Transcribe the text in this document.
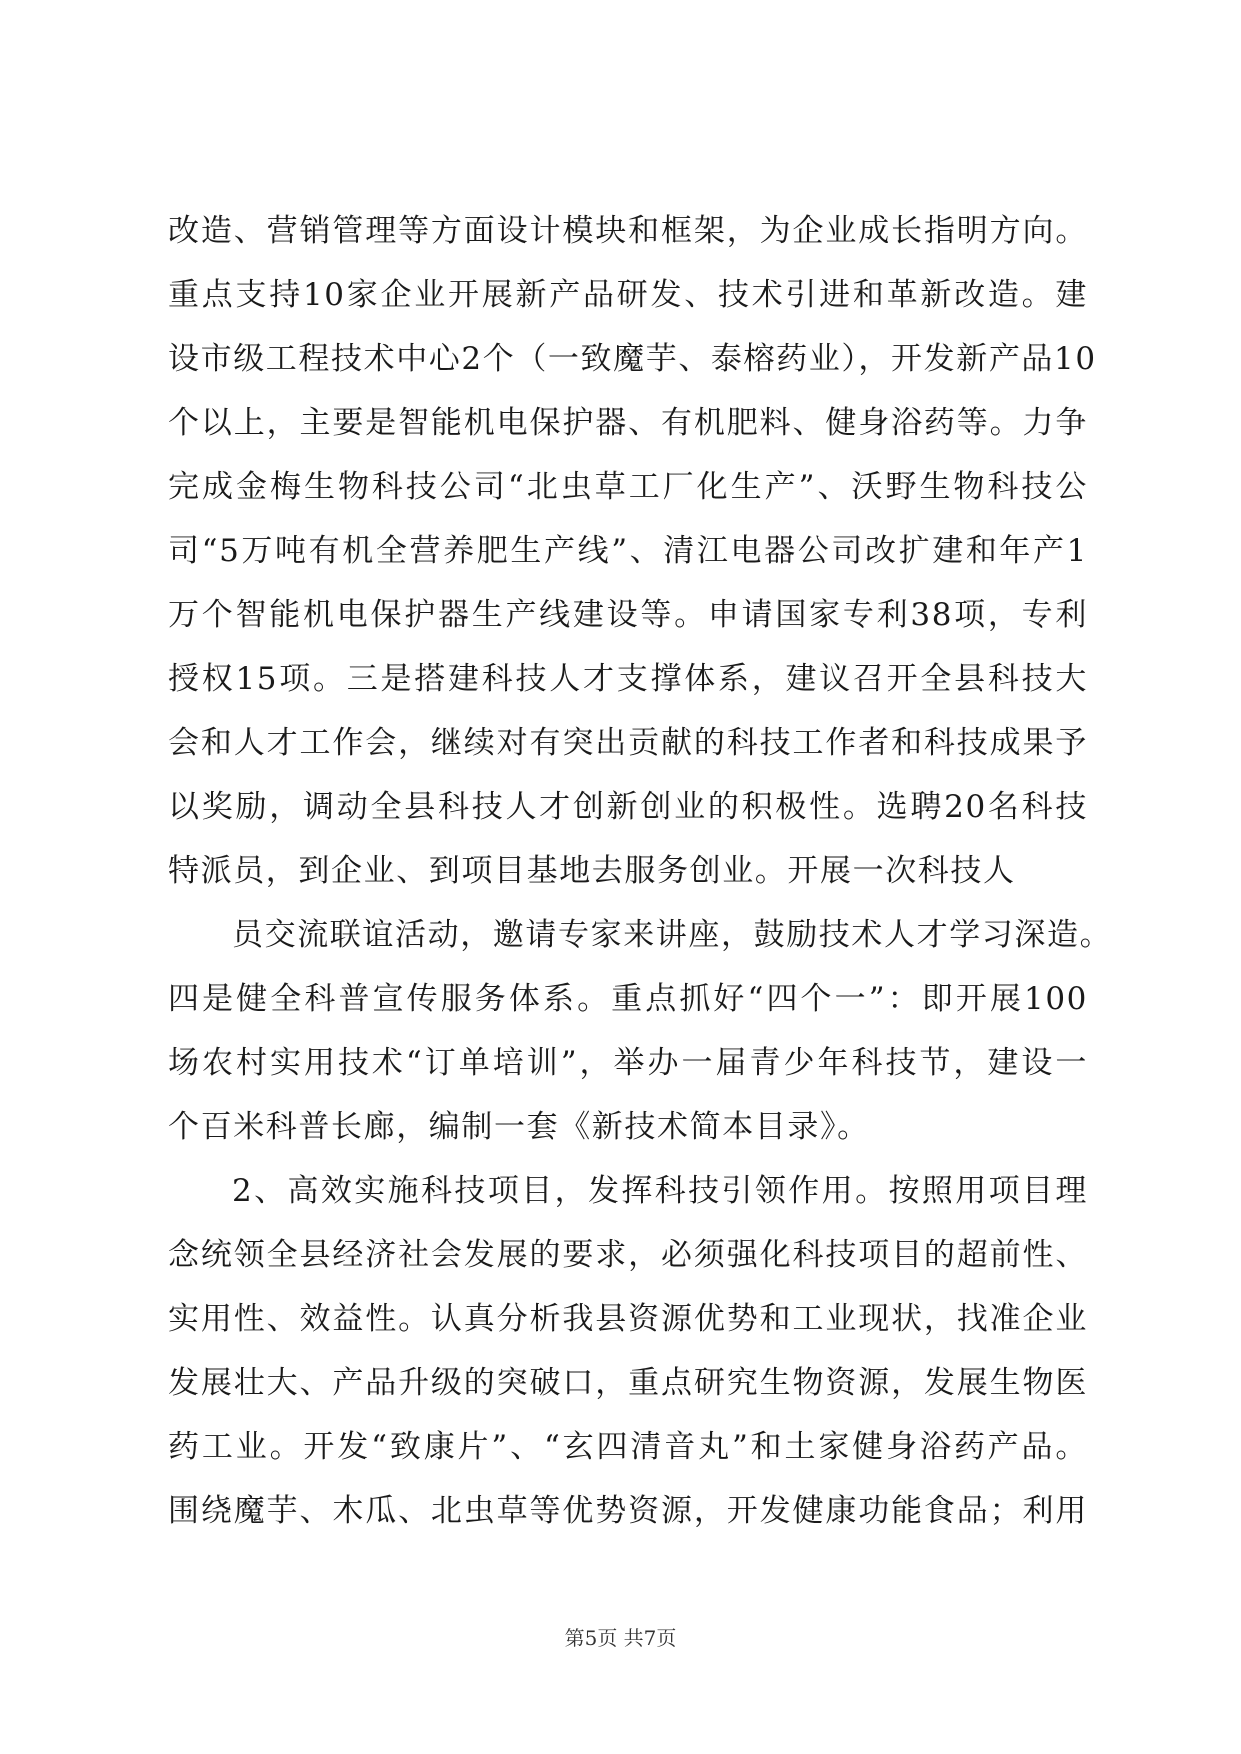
改造、营销管理等方面设计模块和框架，为企业成长指明方向。
重点支持10家企业开展新产品研发、技术引进和革新改造。建
设市级工程技术中心2个（一致魔芋、泰榕药业），开发新产品10
个以上，主要是智能机电保护器、有机肥料、健身浴药等。力争
完成金梅生物科技公司“北虫草工厂化生产”、沃野生物科技公
司“5万吨有机全营养肥生产线”、清江电器公司改扩建和年产1
万个智能机电保护器生产线建设等。申请国家专利38项，专利
授权15项。三是搭建科技人才支撑体系，建议召开全县科技大
会和人才工作会，继续对有突出贡献的科技工作者和科技成果予
以奖励，调动全县科技人才创新创业的积极性。选聘20名科技
特派员，到企业、到项目基地去服务创业。开展一次科技人
员交流联谊活动，邀请专家来讲座，鼓励技术人才学习深造。
四是健全科普宣传服务体系。重点抓好“四个一”：即开展100
场农村实用技术“订单培训”，举办一届青少年科技节，建设一
个百米科普长廊，编制一套《新技术简本目录》。
2、高效实施科技项目，发挥科技引领作用。按照用项目理
念统领全县经济社会发展的要求，必须强化科技项目的超前性、
实用性、效益性。认真分析我县资源优势和工业现状，找准企业
发展壮大、产品升级的突破口，重点研究生物资源，发展生物医
药工业。开发“致康片”、“玄四清音丸”和土家健身浴药产品。
围绕魔芋、木瓜、北虫草等优势资源，开发健康功能食品；利用
第5页 共7页
